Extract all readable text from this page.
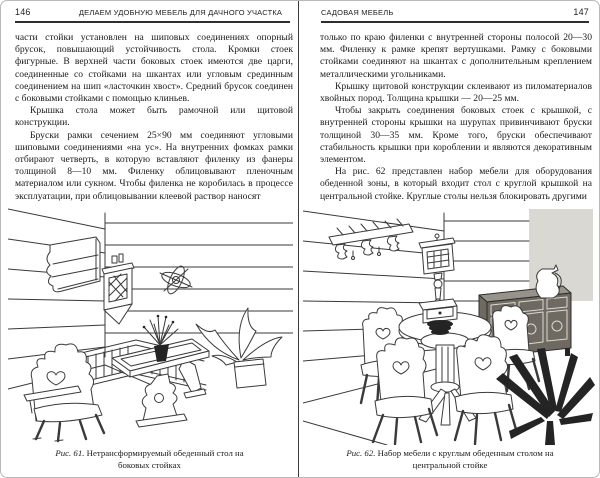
146	ДЕЛАЕМ УДОБНУЮ МЕБЕЛЬ ДЛЯ ДАЧНОГО УЧАСТКА

части стойки установлен на шиповых соединениях опорный брусок, повышающий устойчивость стола. Кромки стоек фигурные. В верхней части боковых стоек имеются две царги, соединенные со стойками на шкантах или угловым срединным соединением на шип «ласточкин хвост». Средний брусок соединен с боковыми стойками с помощью клиньев.

Крышка стола может быть рамочной или щитовой конструкции.

Бруски рамки сечением 25×90 мм соединяют угловыми шиповыми соединениями «на ус». На внутренних фомках рамки отбирают четверть, в которую вставляют филенку из фанеры толщиной 8—10 мм. Филенку облицовывают пленочным материалом или сукном. Чтобы филенка не коробилась в процессе эксплуатации, при облицовывании клеевой раствор наносят

Рис. 61. Нетрансформируемый обеденный стол на боковых стойках
САДОВАЯ МЕБЕЛЬ	147

только по краю филенки с внутренней стороны полосой 20—30 мм. Филенку к рамке крепят вертушками. Рамку с боковыми стойками соединяют на шкантах с дополнительным креплением металлическими угольниками.

Крышку щитовой конструкции склеивают из пиломатериалов хвойных пород. Толщина крышки — 20—25 мм.

Чтобы закрыть соединения боковых стоек с крышкой, с внутренней стороны крышки на шурупах привинчивают бруски толщиной 30—35 мм. Кроме того, бруски обеспечивают стабильность крышки при короблении и являются декоративным элементом.

На рис. 62 представлен набор мебели для оборудования обеденной зоны, в который входит стол с круглой крышкой на центральной стойке. Круглые столы нельзя блокировать другими

Рис. 62. Набор мебели с круглым обеденным столом на центральной стойке
